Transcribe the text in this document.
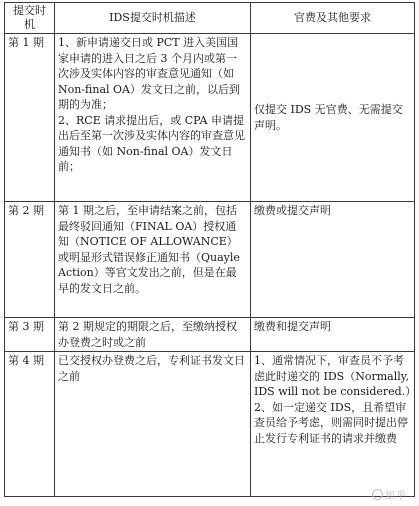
提交时机	IDS提交时机描述	官费及其他要求
第 1 期	1、新申请递交日或 PCT 进入美国国家申请的进入日之后 3 个月内或第一次涉及实体内容的审查意见通知（如 Non-final OA）发文日之前，以后到期的为准；
2、RCE 请求提出后，或 CPA 申请提出后至第一次涉及实体内容的审查意见通知书（如 Non-final OA）发文日前；	仅提交 IDS 无官费、无需提交声明。

第 2 期	第 1 期之后，至申请结案之前，包括最终驳回通知（FINAL OA）授权通知（NOTICE OF ALLOWANCE）或明显形式错误修正通知书（Quayle Action）等官文发出之前，但是在最早的发文日之前。	缴费或提交声明

第 3 期	第 2 期规定的期限之后，至缴纳授权办登费之时或之前	缴费和提交声明

第 4 期	已交授权办登费之后，专利证书发文日之前	1、通常情况下，审查员不予考虑此时递交的 IDS（Normally, IDS will not be considered.）
2、如一定递交 IDS，且希望审查员给予考虑，则需同时提出停止发行专利证书的请求并缴费
知乎
